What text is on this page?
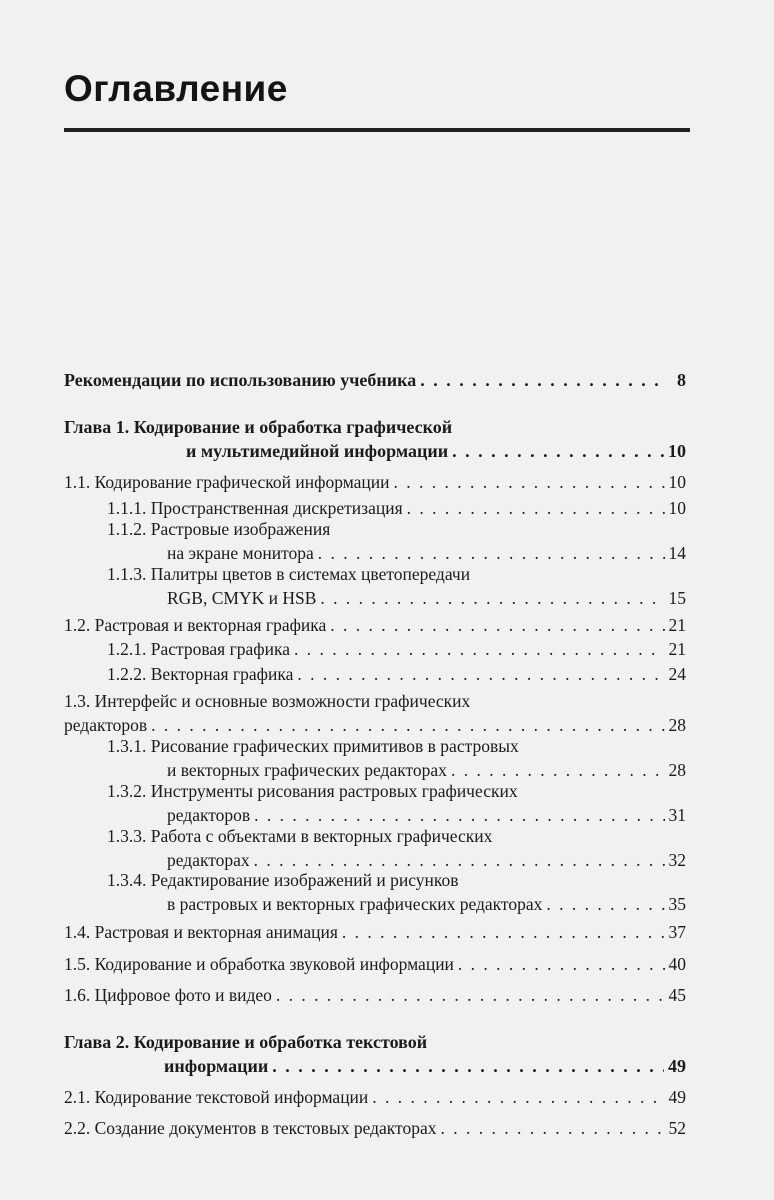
Оглавление
Рекомендации по использованию учебника . . .	8
Глава 1. Кодирование и обработка графической
и мультимедийной информации . . .	10
1.1. Кодирование графической информации . . .	10
1.1.1. Пространственная дискретизация . . .	10
1.1.2. Растровые изображения
на экране монитора . . .	14
1.1.3. Палитры цветов в системах цветопередачи
RGB, CMYK и HSB . . .	15
1.2. Растровая и векторная графика . . .	21
1.2.1. Растровая графика . . .	21
1.2.2. Векторная графика . . .	24
1.3. Интерфейс и основные возможности графических
редакторов . . .	28
1.3.1. Рисование графических примитивов в растровых
и векторных графических редакторах . . .	28
1.3.2. Инструменты рисования растровых графических
редакторов . . .	31
1.3.3. Работа с объектами в векторных графических
редакторах . . .	32
1.3.4. Редактирование изображений и рисунков
в растровых и векторных графических редакторах . . .	35
1.4. Растровая и векторная анимация . . .	37
1.5. Кодирование и обработка звуковой информации . . .	40
1.6. Цифровое фото и видео . . .	45
Глава 2. Кодирование и обработка текстовой
информации . . .	49
2.1. Кодирование текстовой информации . . .	49
2.2. Создание документов в текстовых редакторах . . .	52
